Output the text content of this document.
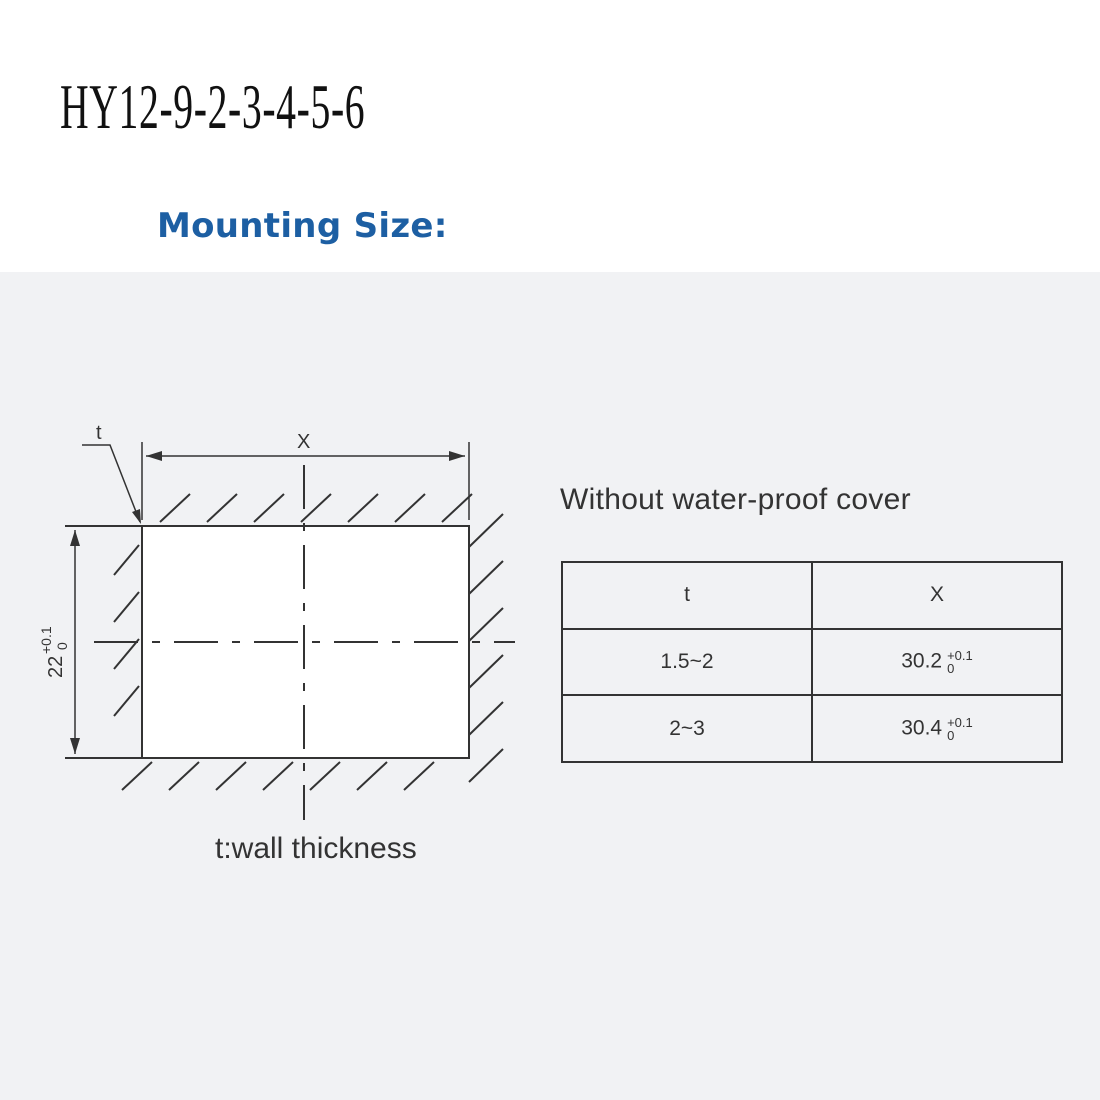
HY12-9-2-3-4-5-6
Mounting Size:
t	X
22
+0.1 0
t:wall thickness
Without water-proof cover
t	X
1.5~2	30.2 +0.1
0

2~3	30.4 +0.1
0
